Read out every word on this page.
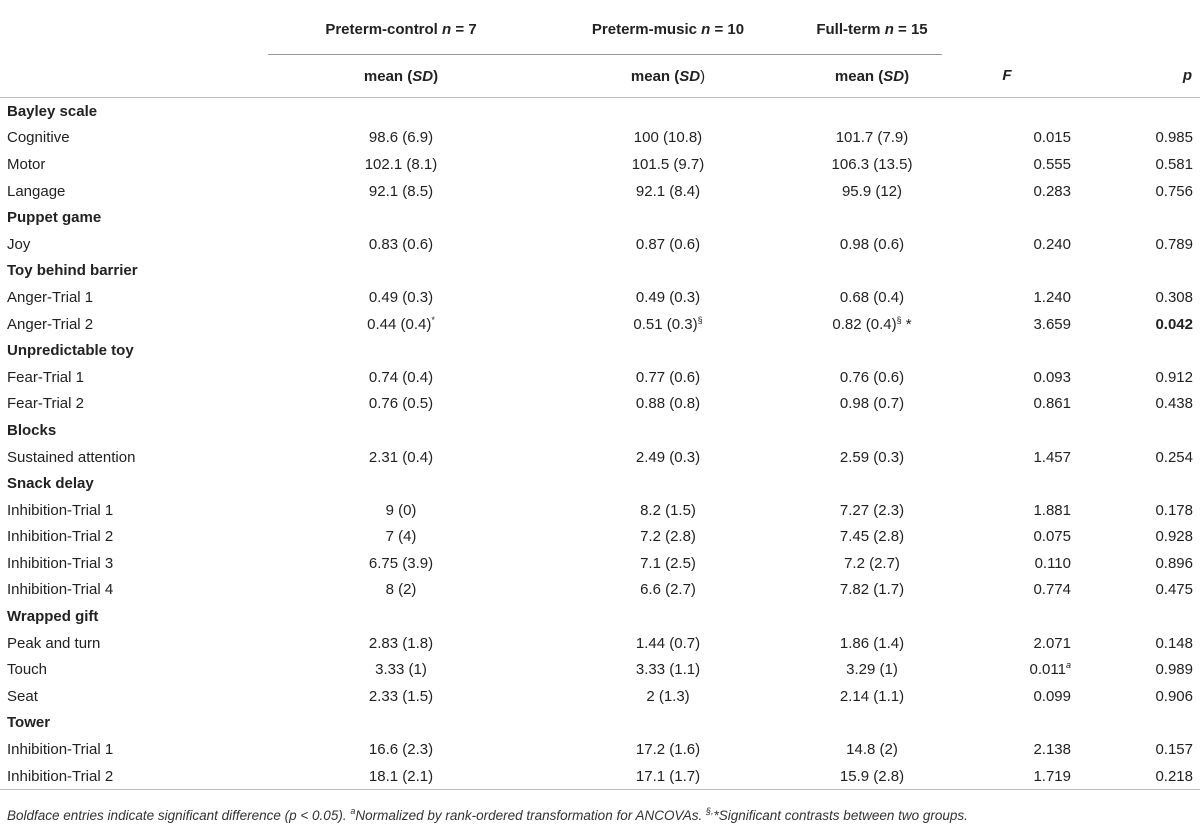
	Preterm-control n = 7	Preterm-music n = 10	Full-term n = 15		
	mean (SD)	mean (SD)	mean (SD)	F	p
Bayley scale					
Cognitive	98.6 (6.9)	100 (10.8)	101.7 (7.9)	0.015	0.985
Motor	102.1 (8.1)	101.5 (9.7)	106.3 (13.5)	0.555	0.581
Langage	92.1 (8.5)	92.1 (8.4)	95.9 (12)	0.283	0.756
Puppet game					
Joy	0.83 (0.6)	0.87 (0.6)	0.98 (0.6)	0.240	0.789
Toy behind barrier					
Anger-Trial 1	0.49 (0.3)	0.49 (0.3)	0.68 (0.4)	1.240	0.308
Anger-Trial 2	0.44 (0.4)*	0.51 (0.3)§	0.82 (0.4)§ *	3.659	0.042
Unpredictable toy					
Fear-Trial 1	0.74 (0.4)	0.77 (0.6)	0.76 (0.6)	0.093	0.912
Fear-Trial 2	0.76 (0.5)	0.88 (0.8)	0.98 (0.7)	0.861	0.438
Blocks					
Sustained attention	2.31 (0.4)	2.49 (0.3)	2.59 (0.3)	1.457	0.254
Snack delay					
Inhibition-Trial 1	9 (0)	8.2 (1.5)	7.27 (2.3)	1.881	0.178
Inhibition-Trial 2	7 (4)	7.2 (2.8)	7.45 (2.8)	0.075	0.928
Inhibition-Trial 3	6.75 (3.9)	7.1 (2.5)	7.2 (2.7)	0.110	0.896
Inhibition-Trial 4	8 (2)	6.6 (2.7)	7.82 (1.7)	0.774	0.475
Wrapped gift					
Peak and turn	2.83 (1.8)	1.44 (0.7)	1.86 (1.4)	2.071	0.148
Touch	3.33 (1)	3.33 (1.1)	3.29 (1)	0.011$^a$	0.989
Seat	2.33 (1.5)	2 (1.3)	2.14 (1.1)	0.099	0.906
Tower					
Inhibition-Trial 1	16.6 (2.3)	17.2 (1.6)	14.8 (2)	2.138	0.157
Inhibition-Trial 2	18.1 (2.1)	17.1 (1.7)	15.9 (2.8)	1.719	0.218
Boldface entries indicate significant difference (p < 0.05). $^a$Normalized by rank-ordered transformation for ANCOVAs. §,*Significant contrasts between two groups.
